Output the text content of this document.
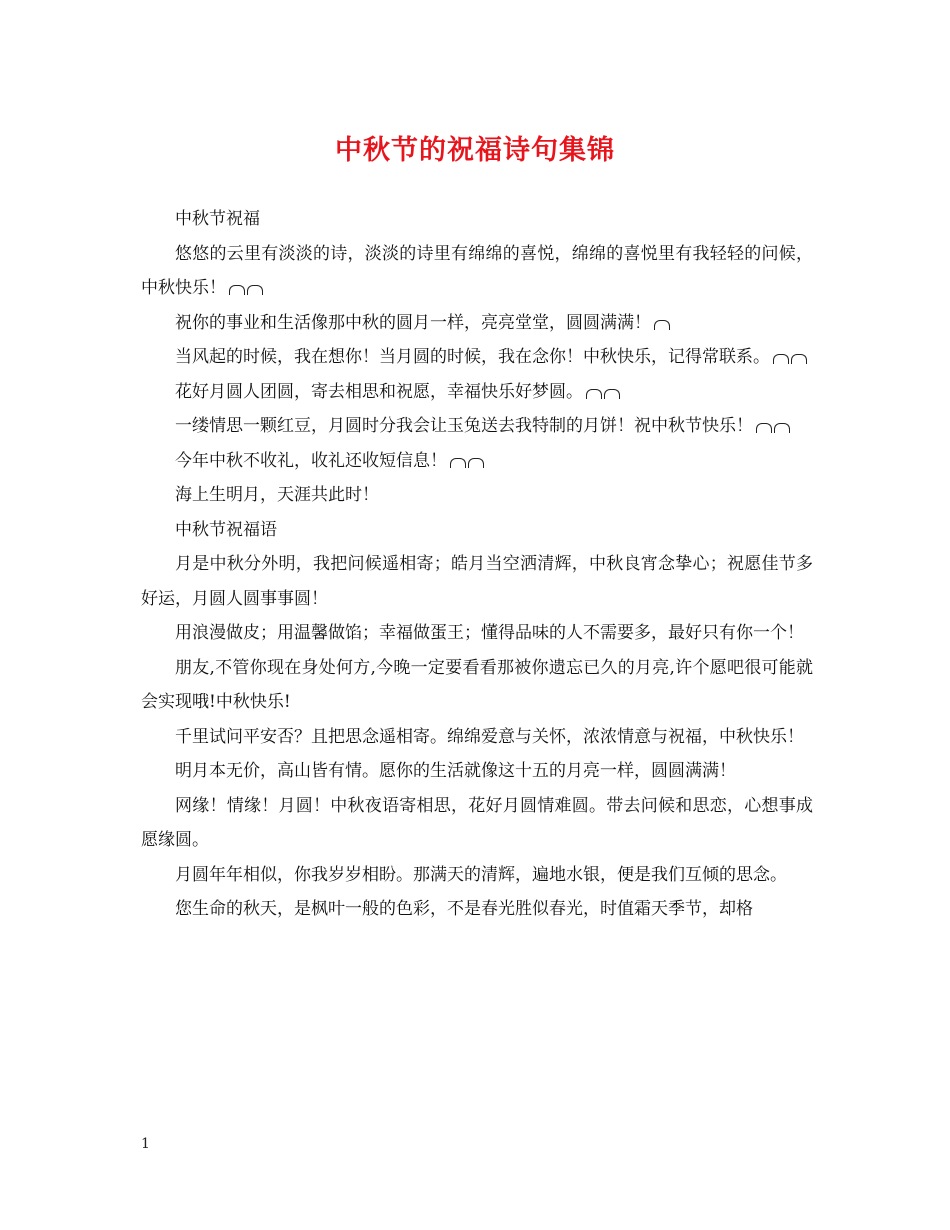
中秋节的祝福诗句集锦

中秋节祝福

悠悠的云里有淡淡的诗，淡淡的诗里有绵绵的喜悦，绵绵的喜悦里有我轻轻的问候，中秋快乐！

祝你的事业和生活像那中秋的圆月一样，亮亮堂堂，圆圆满满！

当风起的时候，我在想你！当月圆的时候，我在念你！中秋快乐，记得常联系。

花好月圆人团圆，寄去相思和祝愿，幸福快乐好梦圆。

一缕情思一颗红豆，月圆时分我会让玉兔送去我特制的月饼！祝中秋节快乐！

今年中秋不收礼，收礼还收短信息！

海上生明月，天涯共此时！

中秋节祝福语

月是中秋分外明，我把问候遥相寄；皓月当空洒清辉，中秋良宵念挚心；祝愿佳节多好运，月圆人圆事事圆！

用浪漫做皮；用温馨做馅；幸福做蛋王；懂得品味的人不需要多，最好只有你一个！

朋友,不管你现在身处何方,今晚一定要看看那被你遗忘已久的月亮,许个愿吧很可能就会实现哦!中秋快乐!

千里试问平安否？且把思念遥相寄。绵绵爱意与关怀，浓浓情意与祝福，中秋快乐！

明月本无价，高山皆有情。愿你的生活就像这十五的月亮一样，圆圆满满！

网缘！情缘！月圆！中秋夜语寄相思，花好月圆情难圆。带去问候和思恋，心想事成愿缘圆。

月圆年年相似，你我岁岁相盼。那满天的清辉，遍地水银，便是我们互倾的思念。

您生命的秋天，是枫叶一般的色彩，不是春光胜似春光，时值霜天季节，却格

1
